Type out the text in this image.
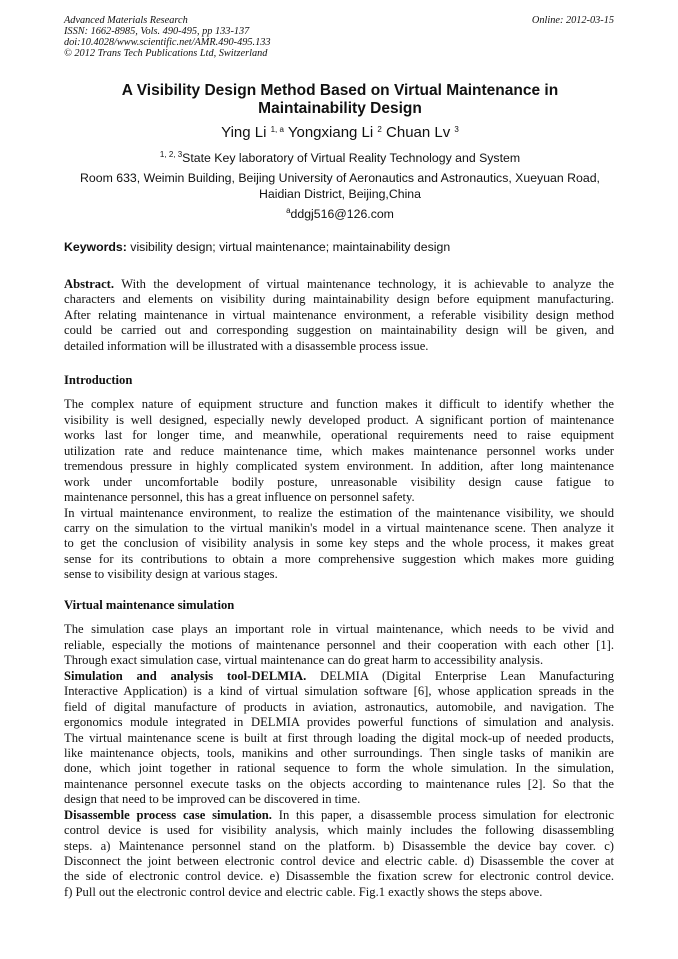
Advanced Materials Research
ISSN: 1662-8985, Vols. 490-495, pp 133-137
doi:10.4028/www.scientific.net/AMR.490-495.133
© 2012 Trans Tech Publications Ltd, Switzerland
Online: 2012-03-15
A Visibility Design Method Based on Virtual Maintenance in
Maintainability Design
Ying Li $^{1, a}$ Yongxiang Li $^2$ Chuan Lv $^3$
$^{1, 2, 3}$State Key laboratory of Virtual Reality Technology and System
Room 633, Weimin Building, Beijing University of Aeronautics and Astronautics, Xueyuan Road,
Haidian District, Beijing,China
$^a$ddgj516@126.com
Keywords: visibility design; virtual maintenance; maintainability design
Abstract. With the development of virtual maintenance technology, it is achievable to analyze the
characters and elements on visibility during maintainability design before equipment manufacturing.
After relating maintenance in virtual maintenance environment, a referable visibility design method
could be carried out and corresponding suggestion on maintainability design will be given, and
detailed information will be illustrated with a disassemble process issue.
Introduction
The complex nature of equipment structure and function makes it difficult to identify whether the
visibility is well designed, especially newly developed product. A significant portion of maintenance
works last for longer time, and meanwhile, operational requirements need to raise equipment
utilization rate and reduce maintenance time, which makes maintenance personnel works under
tremendous pressure in highly complicated system environment. In addition, after long maintenance
work under uncomfortable bodily posture, unreasonable visibility design cause fatigue to
maintenance personnel, this has a great influence on personnel safety.
In virtual maintenance environment, to realize the estimation of the maintenance visibility, we should
carry on the simulation to the virtual manikin's model in a virtual maintenance scene. Then analyze it
to get the conclusion of visibility analysis in some key steps and the whole process, it makes great
sense for its contributions to obtain a more comprehensive suggestion which makes more guiding
sense to visibility design at various stages.
Virtual maintenance simulation
The simulation case plays an important role in virtual maintenance, which needs to be vivid and
reliable, especially the motions of maintenance personnel and their cooperation with each other [1].
Through exact simulation case, virtual maintenance can do great harm to accessibility analysis.
Simulation and analysis tool-DELMIA. DELMIA (Digital Enterprise Lean Manufacturing
Interactive Application) is a kind of virtual simulation software [6], whose application spreads in the
field of digital manufacture of products in aviation, astronautics, automobile, and navigation. The
ergonomics module integrated in DELMIA provides powerful functions of simulation and analysis.
The virtual maintenance scene is built at first through loading the digital mock-up of needed products,
like maintenance objects, tools, manikins and other surroundings. Then single tasks of manikin are
done, which joint together in rational sequence to form the whole simulation. In the simulation,
maintenance personnel execute tasks on the objects according to maintenance rules [2]. So that the
design that need to be improved can be discovered in time.
Disassemble process case simulation. In this paper, a disassemble process simulation for electronic
control device is used for visibility analysis, which mainly includes the following disassembling
steps. a) Maintenance personnel stand on the platform. b) Disassemble the device bay cover. c)
Disconnect the joint between electronic control device and electric cable. d) Disassemble the cover at
the side of electronic control device. e) Disassemble the fixation screw for electronic control device.
f) Pull out the electronic control device and electric cable. Fig.1 exactly shows the steps above.
